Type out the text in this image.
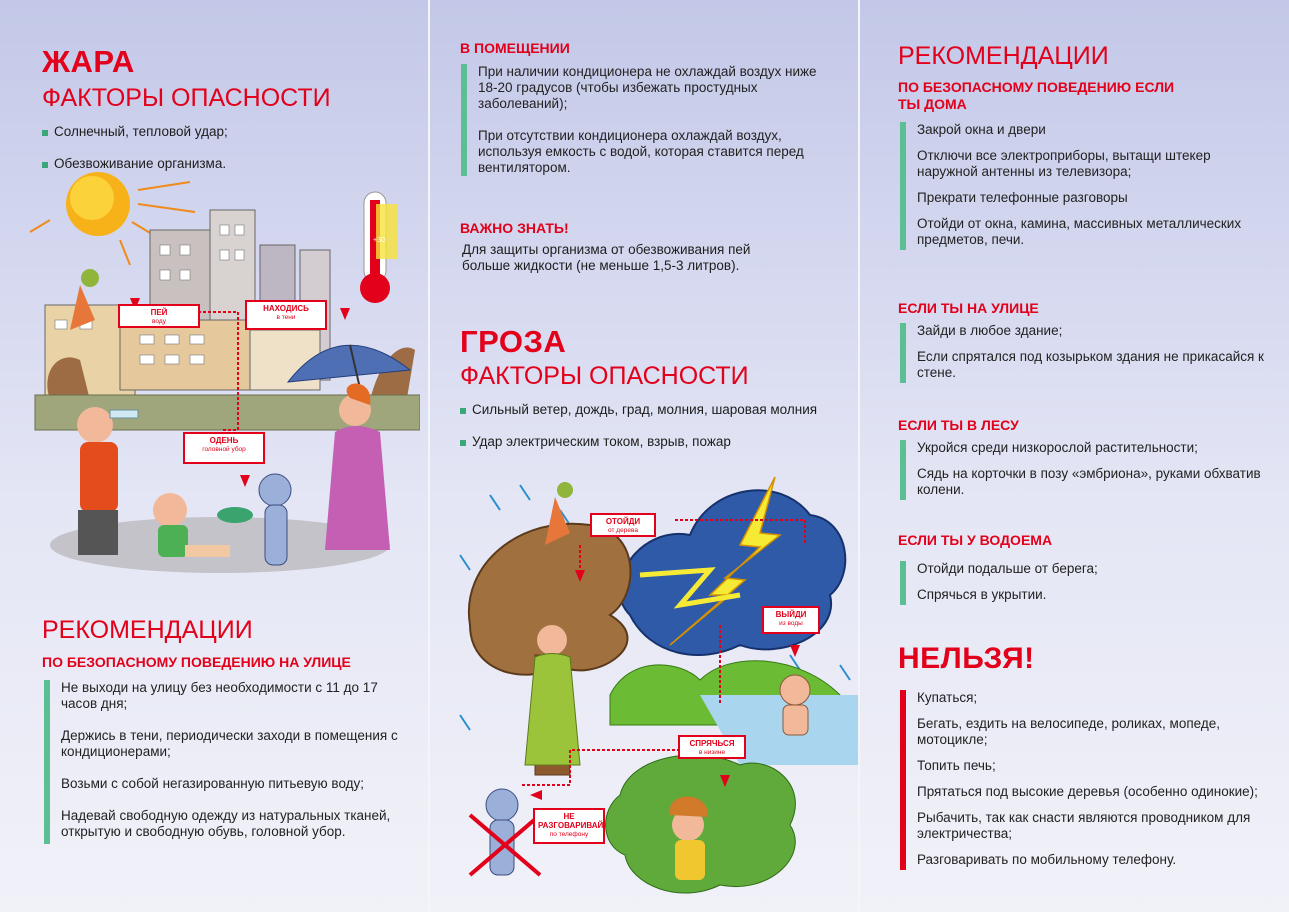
ЖАРА
ФАКТОРЫ ОПАСНОСТИ
Солнечный, тепловой удар;
Обезвоживание организма.
+30
ПЕЙ
воду
НАХОДИСЬ
в тени
ОДЕНЬ
головной убор
РЕКОМЕНДАЦИИ
ПО БЕЗОПАСНОМУ ПОВЕДЕНИЮ НА УЛИЦЕ

Не выходи на улицу без необходимости с 11 до 17 часов дня;

Держись в тени, периодически заходи в помещения с кондиционерами;

Возьми с собой негазированную питьевую воду;

Надевай свободную одежду из натуральных тканей, открытую и свободную обувь, головной убор.

В ПОМЕЩЕНИИ

При наличии кондиционера не охлаждай воздух ниже 18-20 градусов (чтобы избежать простудных заболеваний);

При отсутствии кондиционера охлаждай воздух, используя емкость с водой, которая ставится перед вентилятором.

ВАЖНО ЗНАТЬ!
Для защиты организма от обезвоживания пей больше жидкости (не меньше 1,5-3 литров).
ГРОЗА
ФАКТОРЫ ОПАСНОСТИ
Сильный ветер, дождь, град, молния, шаровая молния
Удар электрическим током, взрыв, пожар
ОТОЙДИ
от дерева
ВЫЙДИ
из воды
СПРЯЧЬСЯ
в низине
НЕ РАЗГОВАРИВАЙ
по телефону
РЕКОМЕНДАЦИИ
ПО БЕЗОПАСНОМУ ПОВЕДЕНИЮ ЕСЛИ ТЫ ДОМА

Закрой окна и двери

Отключи все электроприборы, вытащи штекер наружной антенны из телевизора;

Прекрати телефонные разговоры

Отойди от окна, камина, массивных металлических предметов, печи.

ЕСЛИ ТЫ НА УЛИЦЕ

Зайди в любое здание;

Если спрятался под козырьком здания не прикасайся к стене.

ЕСЛИ ТЫ В ЛЕСУ

Укройся среди низкорослой растительности;

Сядь на корточки в позу «эмбриона», руками обхватив колени.

ЕСЛИ ТЫ У ВОДОЕМА

Отойди подальше от берега;

Спрячься в укрытии.

НЕЛЬЗЯ!

Купаться;

Бегать, ездить на велосипеде, роликах, мопеде, мотоцикле;

Топить печь;

Прятаться под высокие деревья (особенно одинокие);

Рыбачить, так как снасти являются проводником для электричества;

Разговаривать по мобильному телефону.
